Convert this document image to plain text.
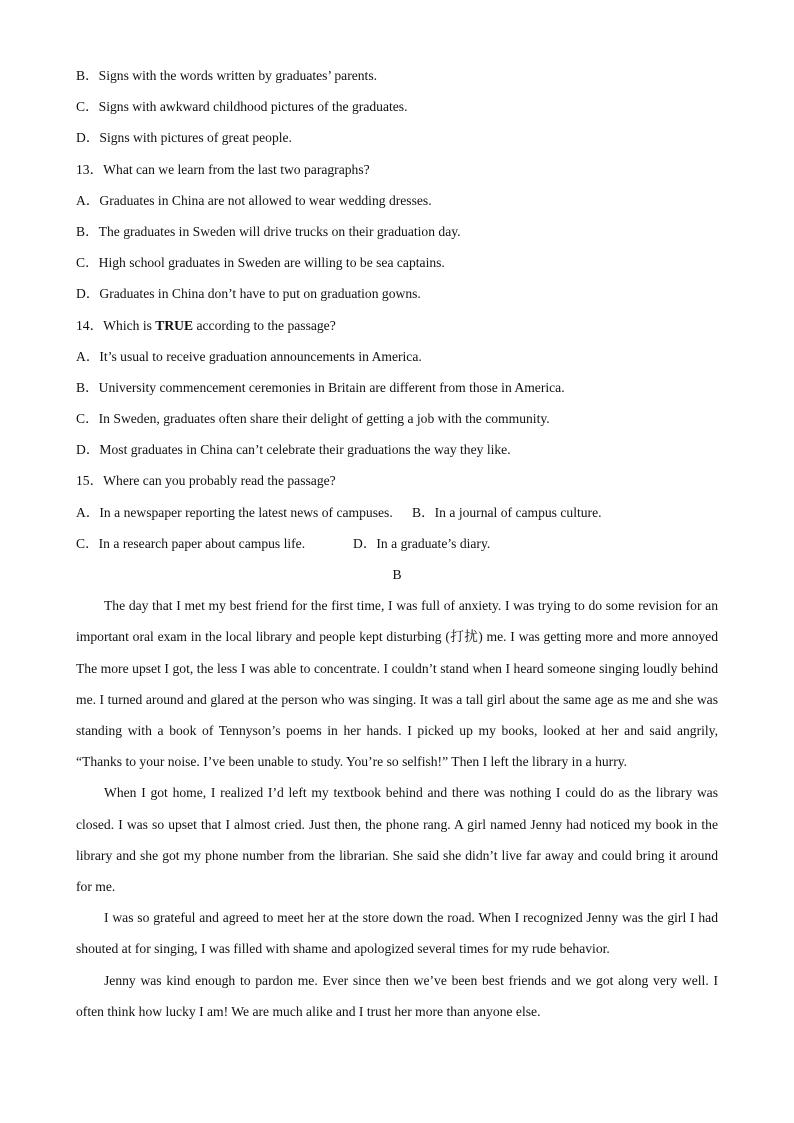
B．Signs with the words written by graduates’ parents.
C．Signs with awkward childhood pictures of the graduates.
D．Signs with pictures of great people.
13．What can we learn from the last two paragraphs?
A．Graduates in China are not allowed to wear wedding dresses.
B．The graduates in Sweden will drive trucks on their graduation day.
C．High school graduates in Sweden are willing to be sea captains.
D．Graduates in China don’t have to put on graduation gowns.
14．Which is TRUE according to the passage?
A．It’s usual to receive graduation announcements in America.
B．University commencement ceremonies in Britain are different from those in America.
C．In Sweden, graduates often share their delight of getting a job with the community.
D．Most graduates in China can’t celebrate their graduations the way they like.
15．Where can you probably read the passage?
A．In a newspaper reporting the latest news of campuses.	B．In a journal of campus culture.
C．In a research paper about campus life.	D．In a graduate’s diary.
B

The day that I met my best friend for the first time, I was full of anxiety. I was trying to do some revision for an important oral exam in the local library and people kept disturbing (打扰) me. I was getting more and more annoyed The more upset I got, the less I was able to concentrate. I couldn’t stand when I heard someone singing loudly behind me. I turned around and glared at the person who was singing. It was a tall girl about the same age as me and she was standing with a book of Tennyson’s poems in her hands. I picked up my books, looked at her and said angrily, “Thanks to your noise. I’ve been unable to study. You’re so selfish!” Then I left the library in a hurry.

When I got home, I realized I’d left my textbook behind and there was nothing I could do as the library was closed. I was so upset that I almost cried. Just then, the phone rang. A girl named Jenny had noticed my book in the library and she got my phone number from the librarian. She said she didn’t live far away and could bring it around for me.

I was so grateful and agreed to meet her at the store down the road. When I recognized Jenny was the girl I had shouted at for singing, I was filled with shame and apologized several times for my rude behavior.

Jenny was kind enough to pardon me. Ever since then we’ve been best friends and we got along very well. I often think how lucky I am! We are much alike and I trust her more than anyone else.
